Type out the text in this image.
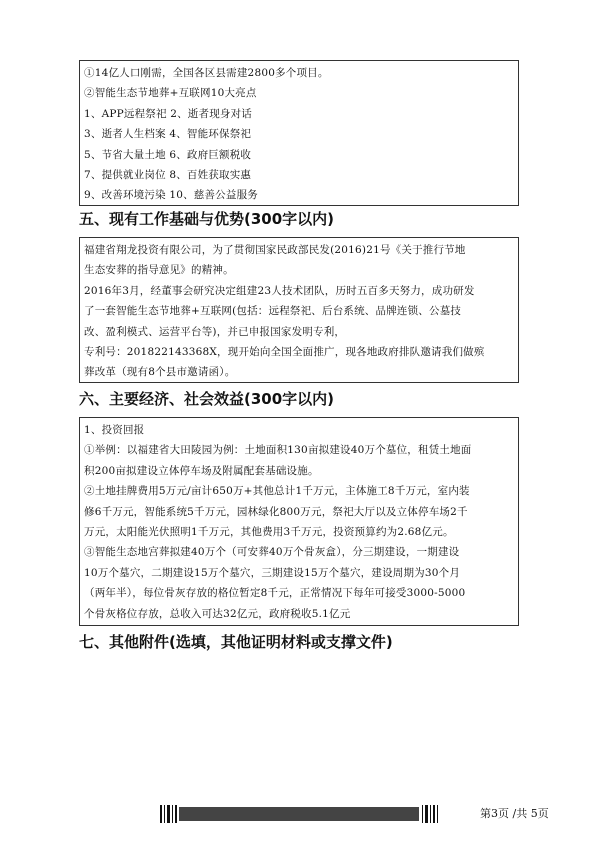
①14亿人口刚需，全国各区县需建2800多个项目。
②智能生态节地葬+互联网10大亮点
1、APP远程祭祀 2、逝者现身对话
3、逝者人生档案 4、智能环保祭祀
5、节省大量土地 6、政府巨额税收
7、提供就业岗位 8、百姓获取实惠
9、改善环境污染 10、慈善公益服务
五、现有工作基础与优势(300字以内)
福建省翔龙投资有限公司，为了贯彻国家民政部民发(2016)21号《关于推行节地
生态安葬的指导意见》的精神。
2016年3月，经董事会研究决定组建23人技术团队，历时五百多天努力，成功研发
了一套智能生态节地葬+互联网(包括：远程祭祀、后台系统、品牌连锁、公墓技
改、盈利模式、运营平台等)，并已申报国家发明专利，
专利号：201822143368X，现开始向全国全面推广，现各地政府排队邀请我们做殡
葬改革（现有8个县市邀请函）。
六、主要经济、社会效益(300字以内)
1、投资回报
①举例：以福建省大田陵园为例：土地面积130亩拟建设40万个墓位，租赁土地面
积200亩拟建设立体停车场及附属配套基础设施。
②土地挂牌费用5万元/亩计650万+其他总计1千万元，主体施工8千万元，室内装
修6千万元，智能系统5千万元，园林绿化800万元，祭祀大厅以及立体停车场2千
万元，太阳能光伏照明1千万元，其他费用3千万元，投资预算约为2.68亿元。
③智能生态地宫葬拟建40万个（可安葬40万个骨灰盒），分三期建设，一期建设
10万个墓穴，二期建设15万个墓穴，三期建设15万个墓穴，建设周期为30个月
（两年半），每位骨灰存放的格位暂定8千元，正常情况下每年可接受3000-5000
个骨灰格位存放，总收入可达32亿元，政府税收5.1亿元
七、其他附件(选填，其他证明材料或支撑文件)
第3页 /共 5页
